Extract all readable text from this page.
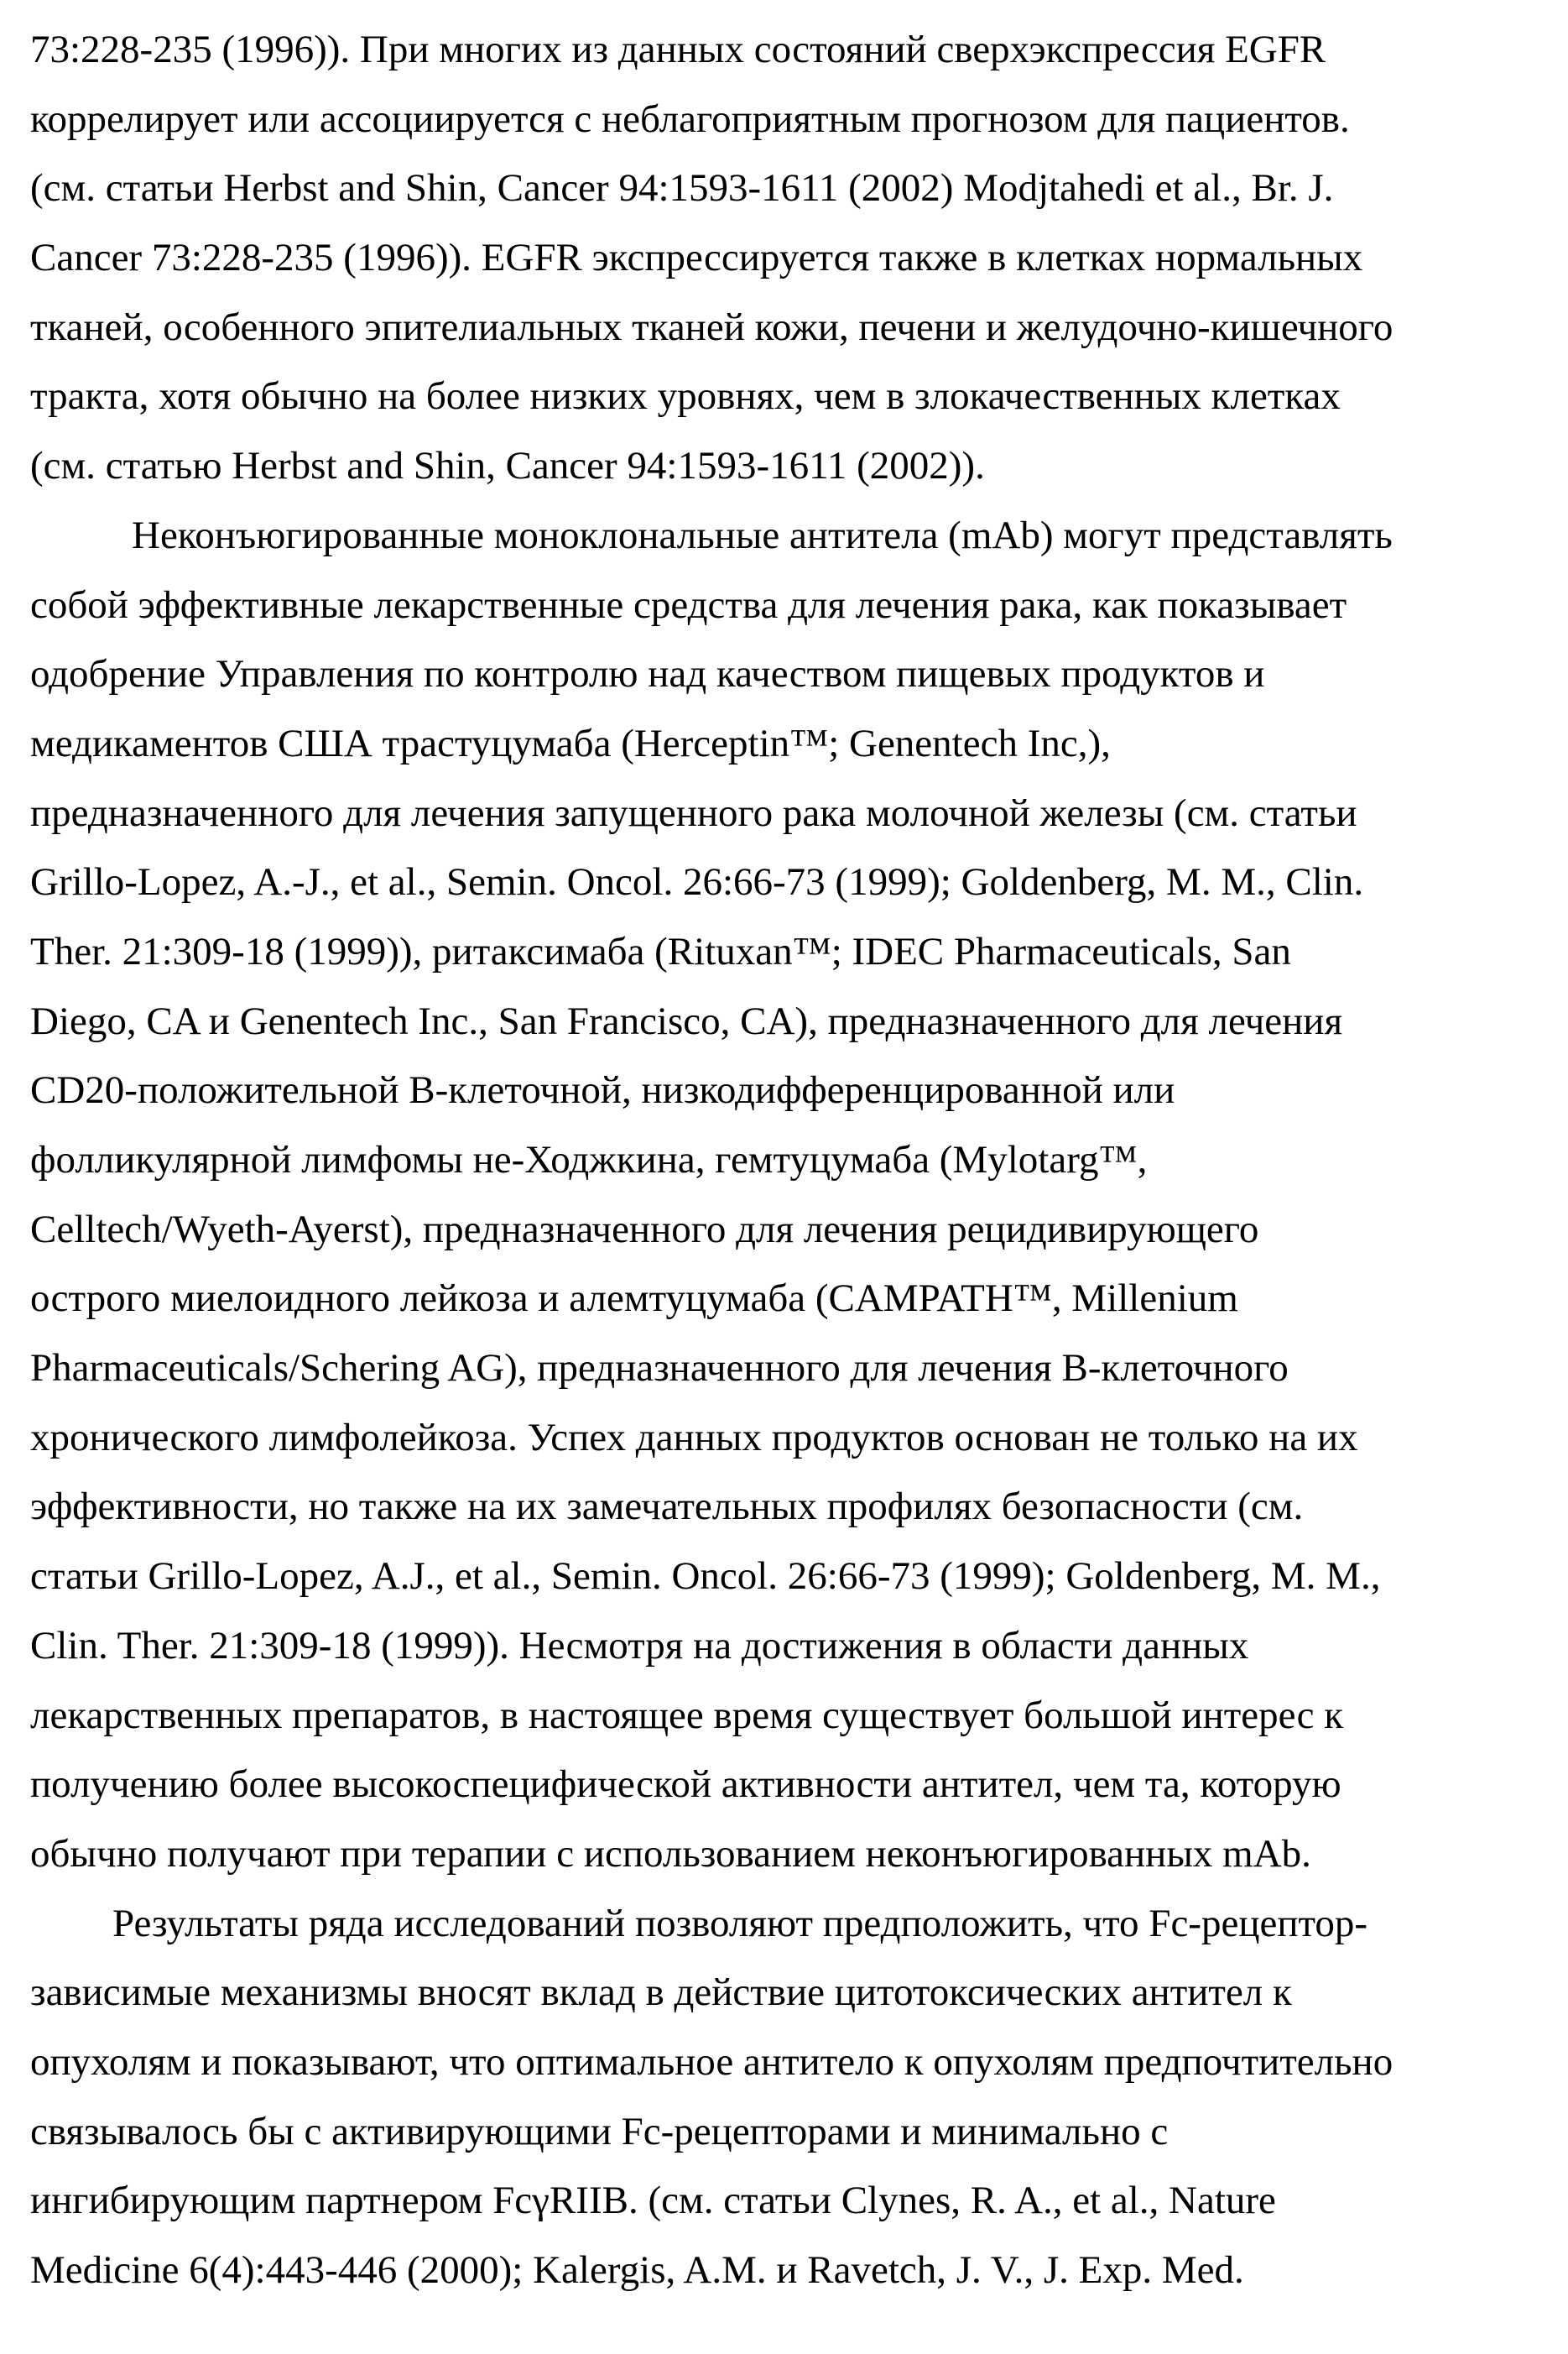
73:228-235 (1996)). При многих из данных состояний сверхэкспрессия EGFR
коррелирует или ассоциируется с неблагоприятным прогнозом для пациентов.
(см. статьи Herbst and Shin, Cancer 94:1593-1611 (2002) Modjtahedi et al., Br. J.
Cancer 73:228-235 (1996)). EGFR экспрессируется также в клетках нормальных
тканей, особенного эпителиальных тканей кожи, печени и желудочно-кишечного
тракта, хотя обычно на более низких уровнях, чем в злокачественных клетках
(см. статью Herbst and Shin, Cancer 94:1593-1611 (2002)).
Неконъюгированные моноклональные антитела (mAb) могут представлять
собой эффективные лекарственные средства для лечения рака, как показывает
одобрение Управления по контролю над качеством пищевых продуктов и
медикаментов США трастуцумаба (Herceptin™; Genentech Inc,),
предназначенного для лечения запущенного рака молочной железы (см. статьи
Grillo-Lopez, A.-J., et al., Semin. Oncol. 26:66-73 (1999); Goldenberg, M. M., Clin.
Ther. 21:309-18 (1999)), ритаксимаба (Rituxan™; IDEC Pharmaceuticals, San
Diego, CA и Genentech Inc., San Francisco, CA), предназначенного для лечения
CD20-положительной B-клеточной, низкодифференцированной или
фолликулярной лимфомы не-Ходжкина, гемтуцумаба (Mylotarg™,
Celltech/Wyeth-Ayerst), предназначенного для лечения рецидивирующего
острого миелоидного лейкоза и алемтуцумаба (CAMPATH™, Millenium
Pharmaceuticals/Schering AG), предназначенного для лечения B-клеточного
хронического лимфолейкоза. Успех данных продуктов основан не только на их
эффективности, но также на их замечательных профилях безопасности (см.
статьи Grillo-Lopez, A.J., et al., Semin. Oncol. 26:66-73 (1999); Goldenberg, M. M.,
Clin. Ther. 21:309-18 (1999)). Несмотря на достижения в области данных
лекарственных препаратов, в настоящее время существует большой интерес к
получению более высокоспецифической активности антител, чем та, которую
обычно получают при терапии с использованием неконъюгированных mAb.
Результаты ряда исследований позволяют предположить, что Fc-рецептор-
зависимые механизмы вносят вклад в действие цитотоксических антител к
опухолям и показывают, что оптимальное антитело к опухолям предпочтительно
связывалось бы с активирующими Fc-рецепторами и минимально с
ингибирующим партнером FcγRIIB. (см. статьи Clynes, R. A., et al., Nature
Medicine 6(4):443-446 (2000); Kalergis, A.M. и Ravetch, J. V., J. Exp. Med.
